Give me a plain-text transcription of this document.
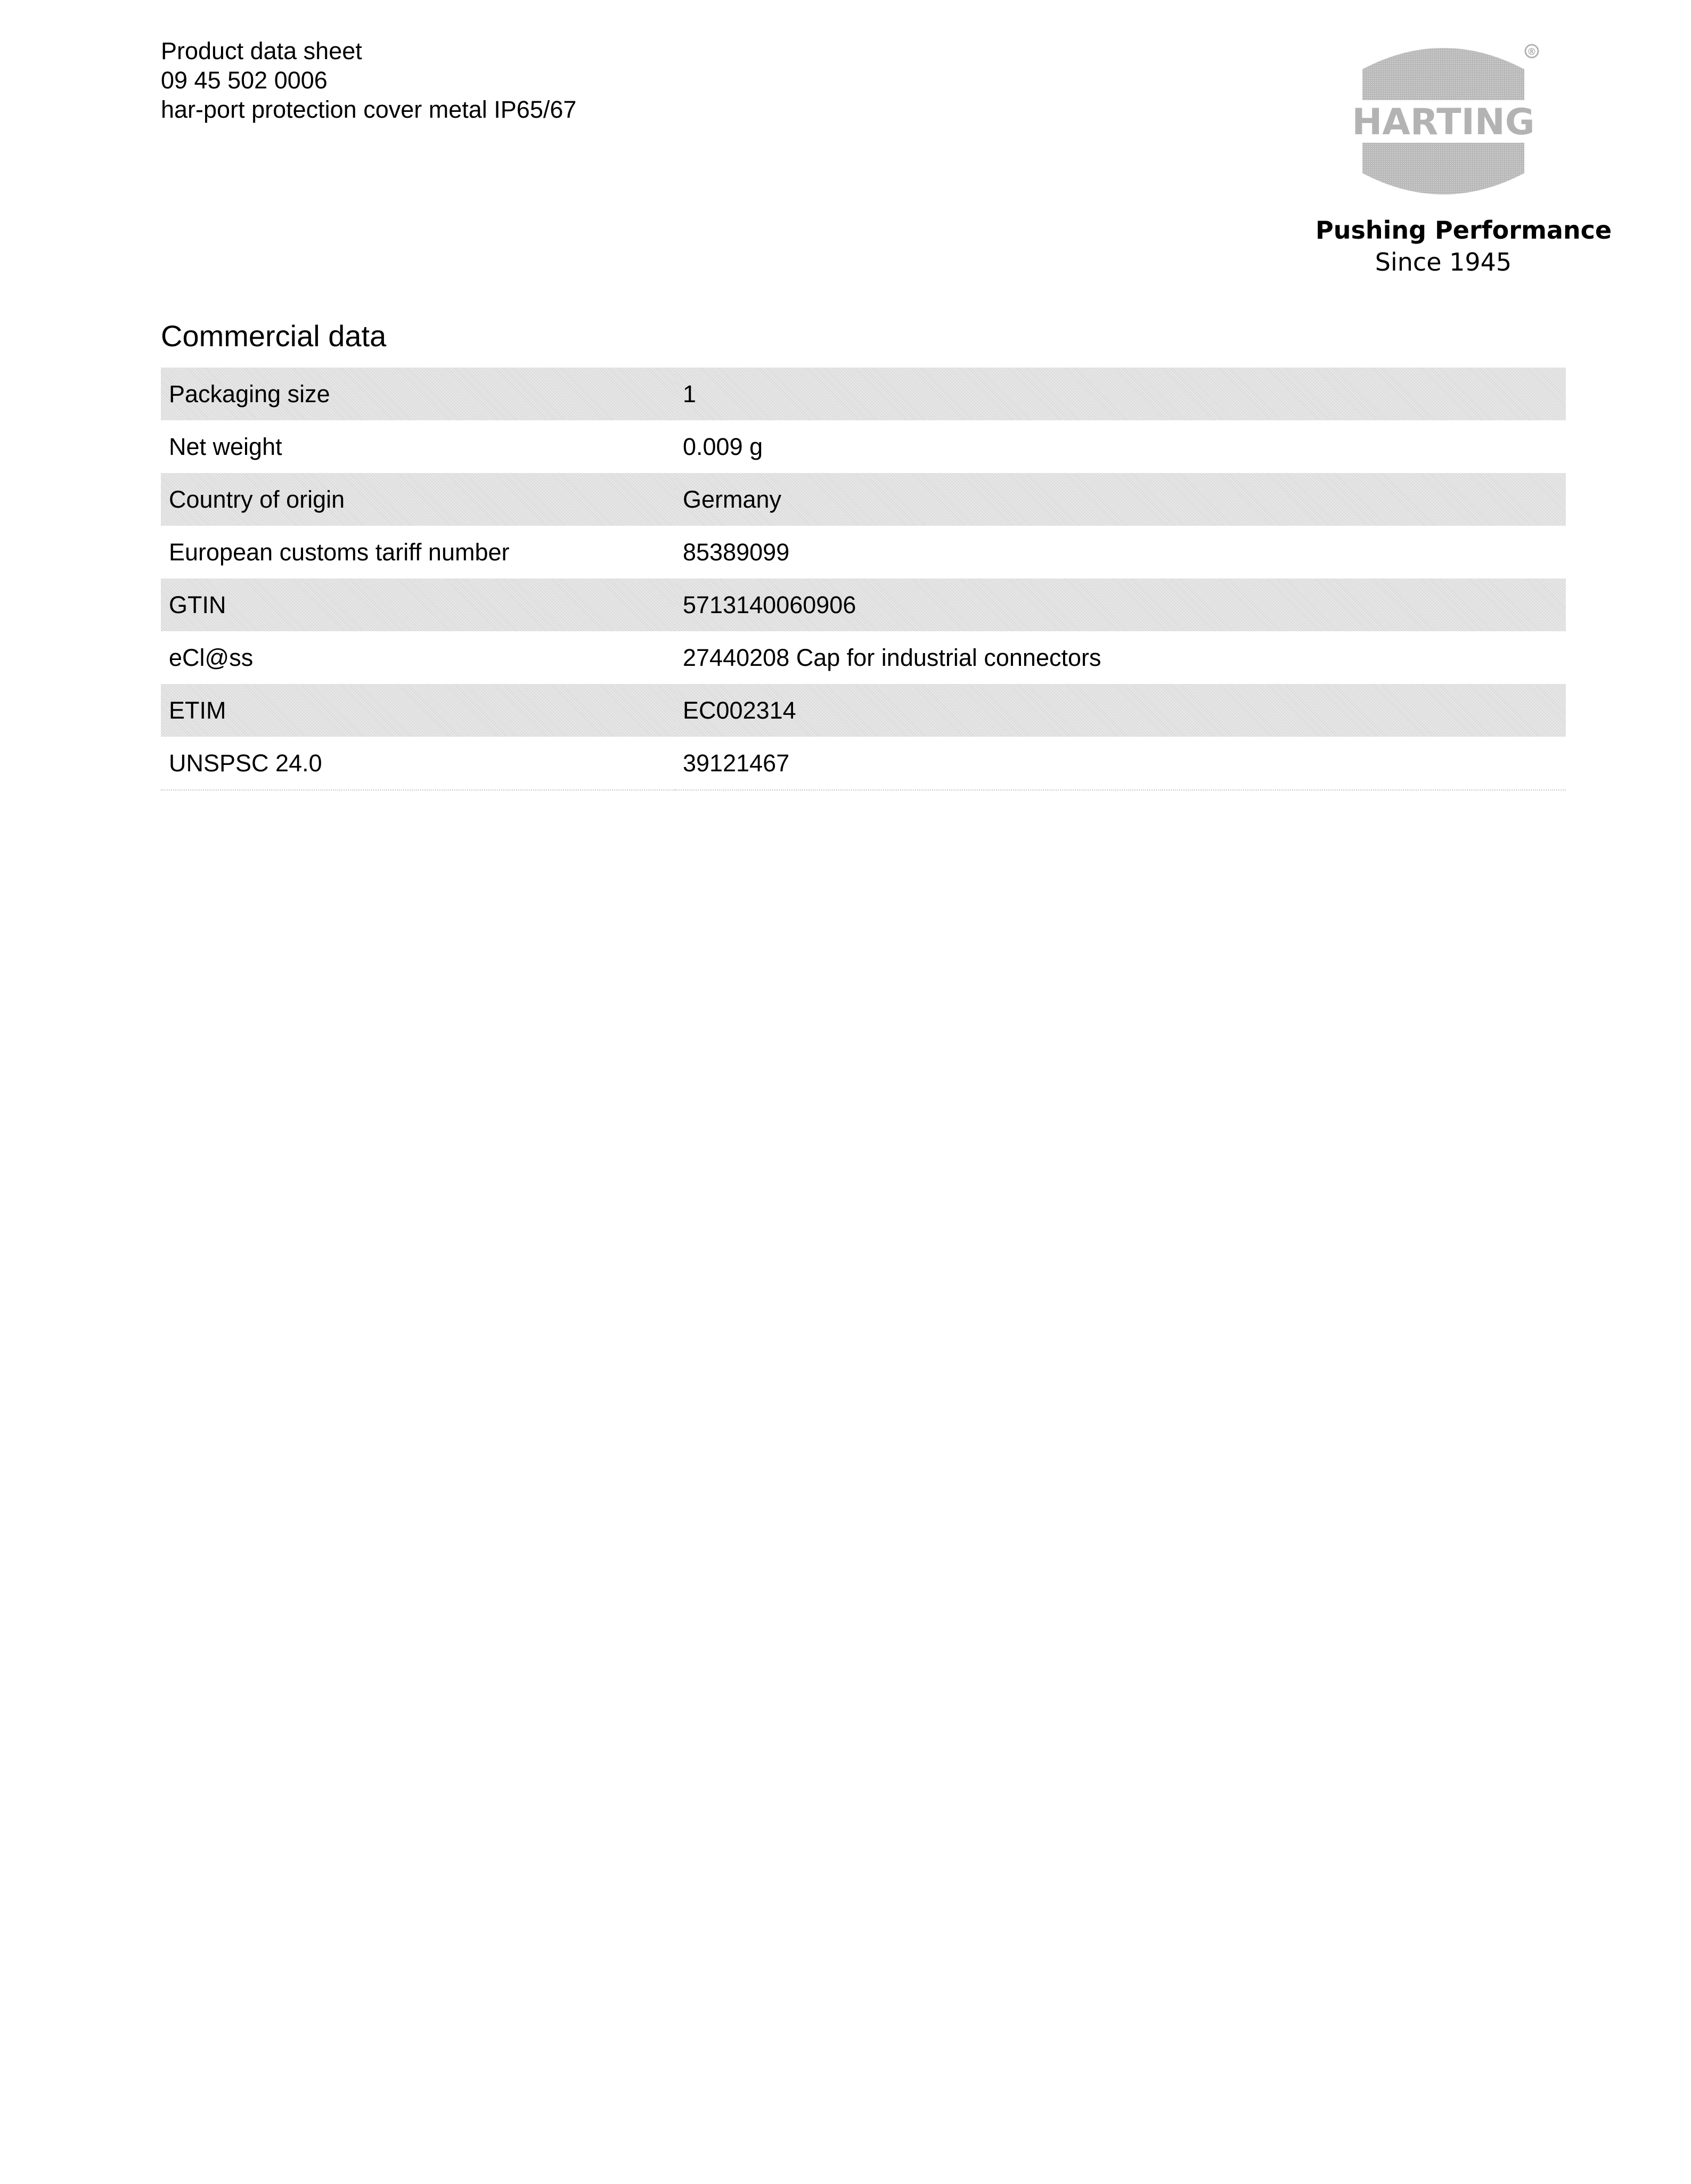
Product data sheet
09 45 502 0006
har-port protection cover metal IP65/67
®
HARTING
Pushing Performance
Since 1945
Commercial data
Packaging size	1
Net weight	0.009 g
Country of origin	Germany
European customs tariff number	85389099
GTIN	5713140060906
eCl@ss	27440208 Cap for industrial connectors
ETIM	EC002314
UNSPSC 24.0	39121467
